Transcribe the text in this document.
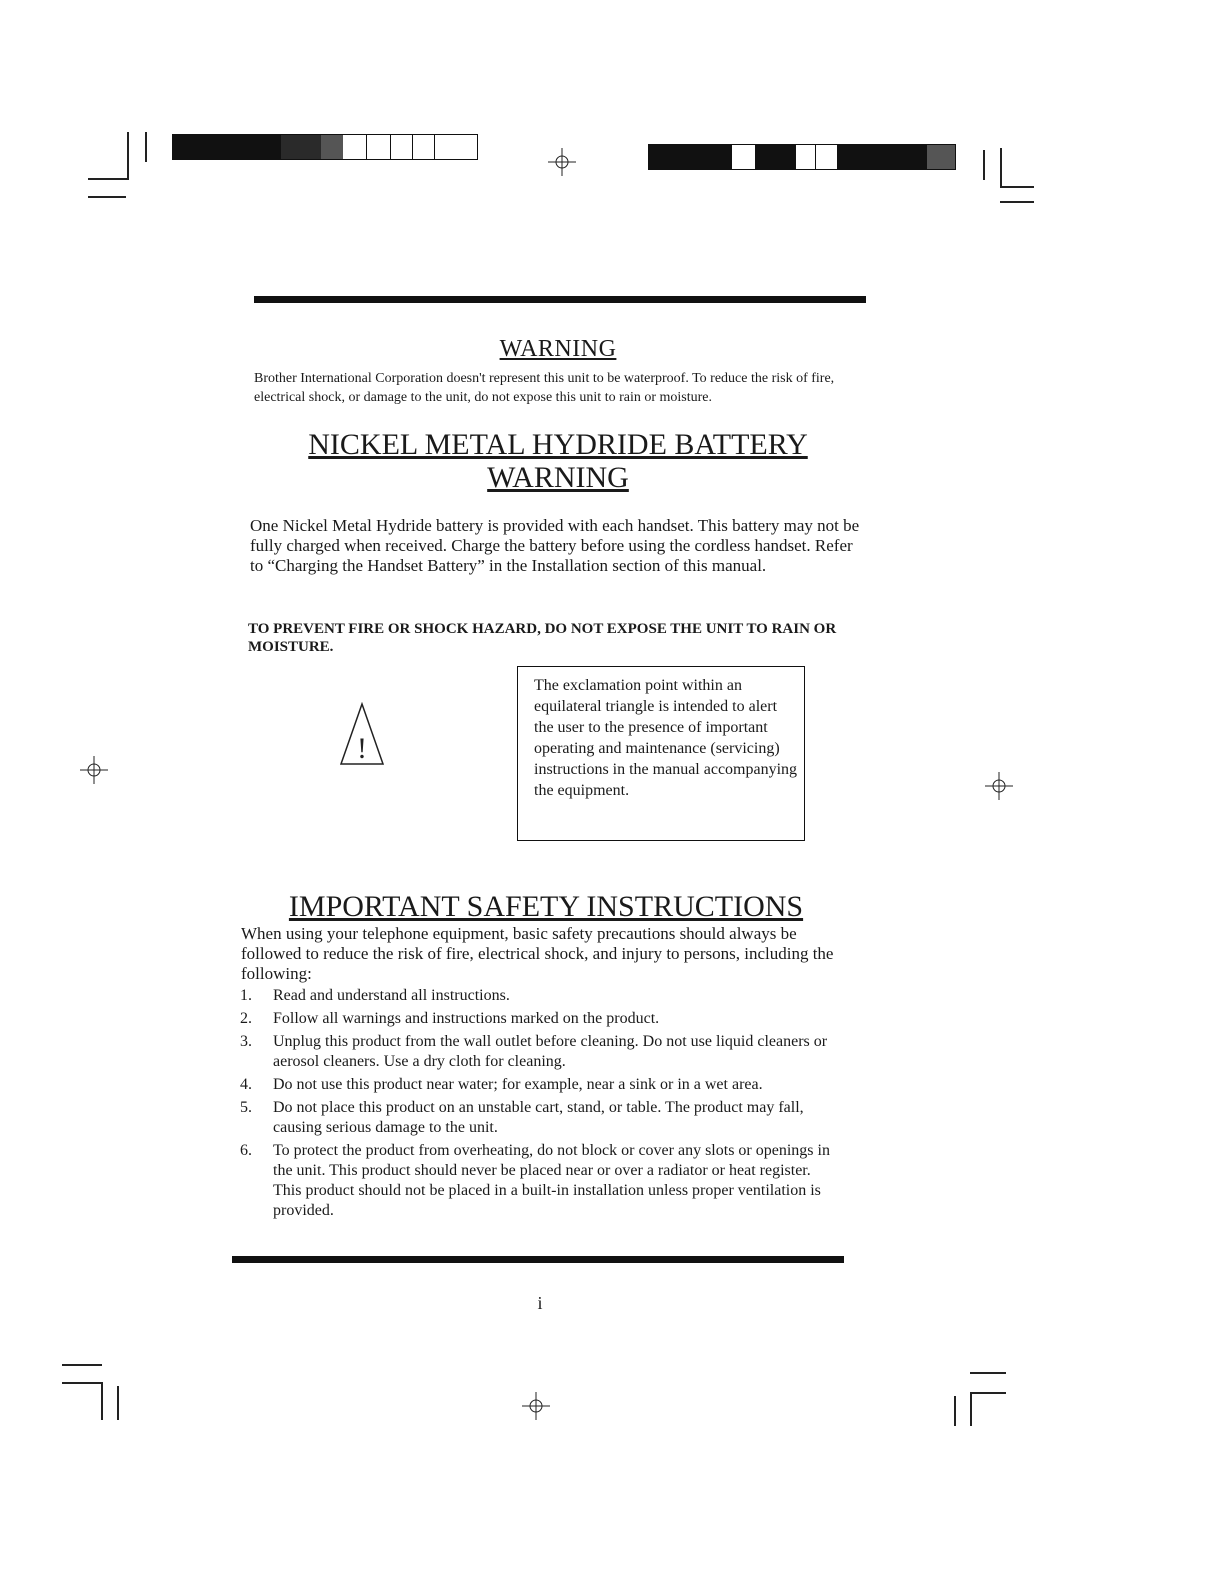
WARNING
Brother International Corporation doesn't represent this unit to be waterproof. To reduce the risk of fire, electrical shock, or damage to the unit, do not expose this unit to rain or moisture.
NICKEL METAL HYDRIDE BATTERY
WARNING
One Nickel Metal Hydride battery is provided with each handset. This battery may not be fully charged when received. Charge the battery before using the cordless handset. Refer to “Charging the Handset Battery” in the Installation section of this manual.
TO PREVENT FIRE OR SHOCK HAZARD, DO NOT EXPOSE THE UNIT TO RAIN OR MOISTURE.
!
The exclamation point within an equilateral triangle is intended to alert the user to the presence of important operating and maintenance (servicing) instructions in the manual accompanying the equipment.
IMPORTANT SAFETY INSTRUCTIONS
When using your telephone equipment, basic safety precautions should always be followed to reduce the risk of fire, electrical shock, and injury to persons, including the following:
1.	Read and understand all instructions.
2.	Follow all warnings and instructions marked on the product.
3.	Unplug this product from the wall outlet before cleaning. Do not use liquid cleaners or aerosol cleaners. Use a dry cloth for cleaning.
4.	Do not use this product near water; for example, near a sink or in a wet area.
5.	Do not place this product on an unstable cart, stand, or table. The product may fall, causing serious damage to the unit.
6.	To protect the product from overheating, do not block or cover any slots or openings in the unit. This product should never be placed near or over a radiator or heat register. This product should not be placed in a built-in installation unless proper ventilation is provided.
i
